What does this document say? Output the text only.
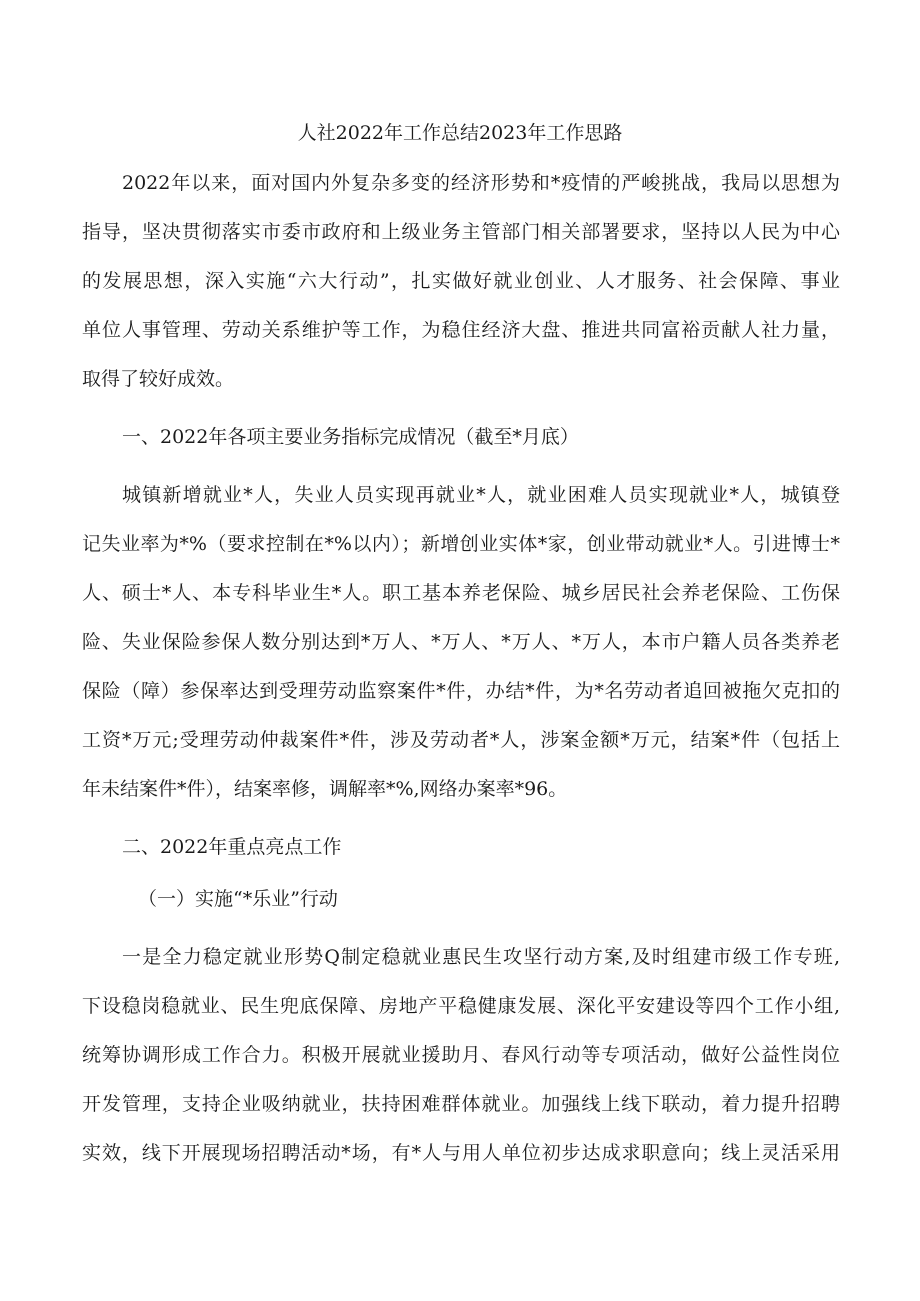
人社2022年工作总结2023年工作思路

2022年以来，面对国内外复杂多变的经济形势和*疫情的严峻挑战，我局以思想为

指导，坚决贯彻落实市委市政府和上级业务主管部门相关部署要求，坚持以人民为中心

的发展思想，深入实施“六大行动”，扎实做好就业创业、人才服务、社会保障、事业

单位人事管理、劳动关系维护等工作，为稳住经济大盘、推进共同富裕贡献人社力量，

取得了较好成效。

一、2022年各项主要业务指标完成情况（截至*月底）

城镇新增就业*人，失业人员实现再就业*人，就业困难人员实现就业*人，城镇登

记失业率为*%（要求控制在*%以内）；新增创业实体*家，创业带动就业*人。引进博士*

人、硕士*人、本专科毕业生*人。职工基本养老保险、城乡居民社会养老保险、工伤保

险、失业保险参保人数分别达到*万人、*万人、*万人、*万人，本市户籍人员各类养老

保险（障）参保率达到受理劳动监察案件*件，办结*件，为*名劳动者追回被拖欠克扣的

工资*万元;受理劳动仲裁案件*件，涉及劳动者*人，涉案金额*万元，结案*件（包括上

年未结案件*件），结案率修，调解率*%,网络办案率*96。

二、2022年重点亮点工作

（一）实施“*乐业”行动

一是全力稳定就业形势Q制定稳就业惠民生攻坚行动方案,及时组建市级工作专班,

下设稳岗稳就业、民生兜底保障、房地产平稳健康发展、深化平安建设等四个工作小组,

统筹协调形成工作合力。积极开展就业援助月、春风行动等专项活动，做好公益性岗位

开发管理，支持企业吸纳就业，扶持困难群体就业。加强线上线下联动，着力提升招聘

实效，线下开展现场招聘活动*场，有*人与用人单位初步达成求职意向；线上灵活采用
